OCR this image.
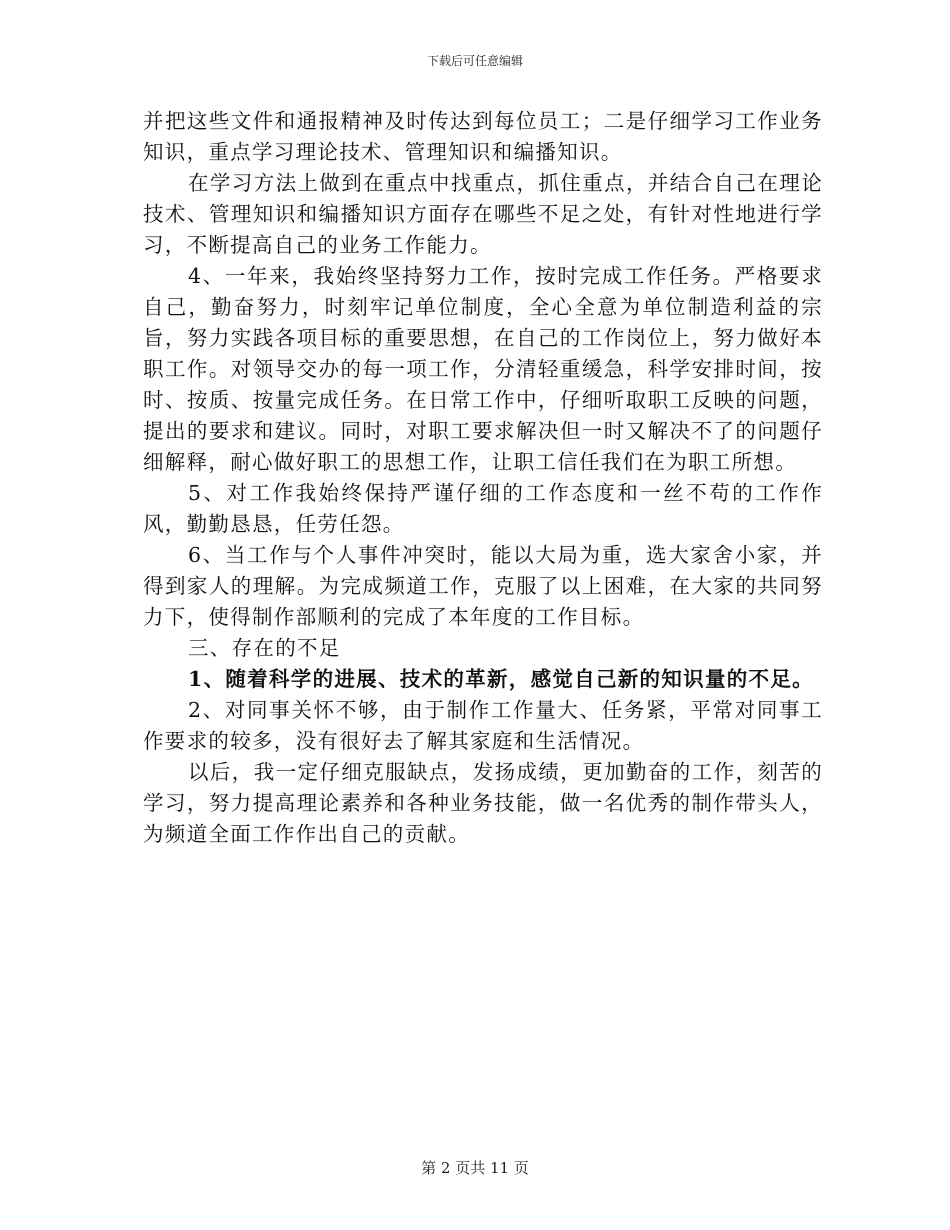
下载后可任意编辑

并把这些文件和通报精神及时传达到每位员工；二是仔细学习工作业务知识，重点学习理论技术、管理知识和编播知识。

在学习方法上做到在重点中找重点，抓住重点，并结合自己在理论技术、管理知识和编播知识方面存在哪些不足之处，有针对性地进行学习，不断提高自己的业务工作能力。

4、一年来，我始终坚持努力工作，按时完成工作任务。严格要求自己，勤奋努力，时刻牢记单位制度，全心全意为单位制造利益的宗旨，努力实践各项目标的重要思想，在自己的工作岗位上，努力做好本职工作。对领导交办的每一项工作，分清轻重缓急，科学安排时间，按时、按质、按量完成任务。在日常工作中，仔细听取职工反映的问题，提出的要求和建议。同时，对职工要求解决但一时又解决不了的问题仔细解释，耐心做好职工的思想工作，让职工信任我们在为职工所想。

5、对工作我始终保持严谨仔细的工作态度和一丝不苟的工作作风，勤勤恳恳，任劳任怨。

6、当工作与个人事件冲突时，能以大局为重，选大家舍小家，并得到家人的理解。为完成频道工作，克服了以上困难，在大家的共同努力下，使得制作部顺利的完成了本年度的工作目标。

三、存在的不足

1、随着科学的进展、技术的革新，感觉自己新的知识量的不足。

2、对同事关怀不够，由于制作工作量大、任务紧，平常对同事工作要求的较多，没有很好去了解其家庭和生活情况。

以后，我一定仔细克服缺点，发扬成绩，更加勤奋的工作，刻苦的学习，努力提高理论素养和各种业务技能，做一名优秀的制作带头人，为频道全面工作作出自己的贡献。

第 2 页共 11 页
